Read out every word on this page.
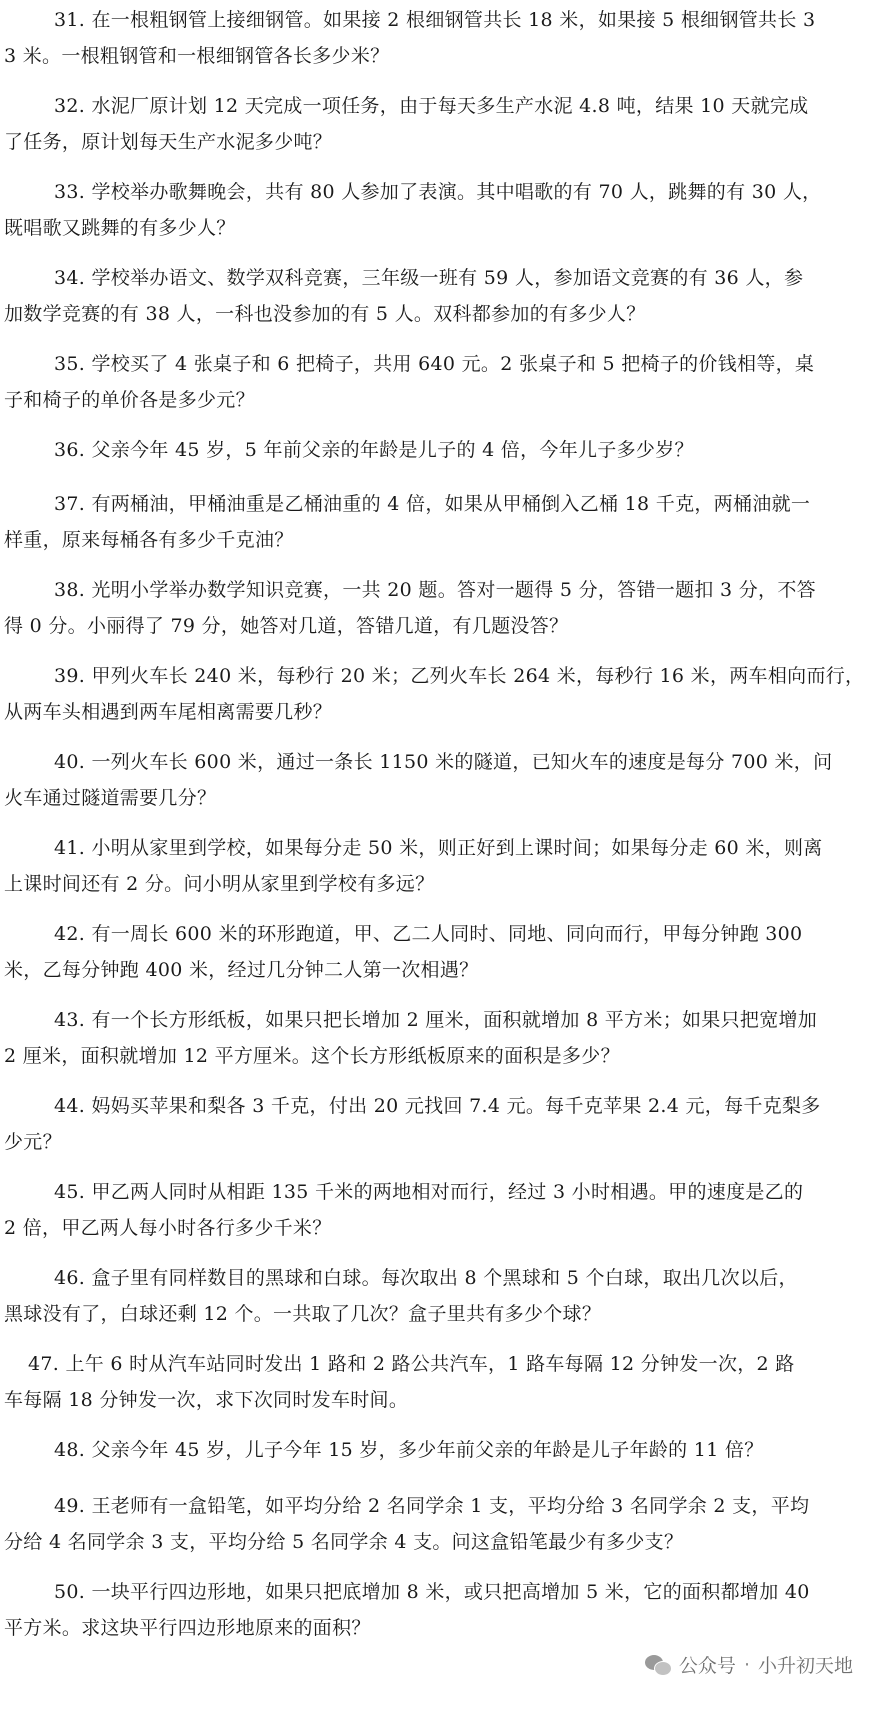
31. 在一根粗钢管上接细钢管。如果接 2 根细钢管共长 18 米，如果接 5 根细钢管共长 3
3 米。一根粗钢管和一根细钢管各长多少米？
32. 水泥厂原计划 12 天完成一项任务，由于每天多生产水泥 4.8 吨，结果 10 天就完成
了任务，原计划每天生产水泥多少吨？
33. 学校举办歌舞晚会，共有 80 人参加了表演。其中唱歌的有 70 人，跳舞的有 30 人，
既唱歌又跳舞的有多少人？
34. 学校举办语文、数学双科竞赛，三年级一班有 59 人，参加语文竞赛的有 36 人，参
加数学竞赛的有 38 人，一科也没参加的有 5 人。双科都参加的有多少人？
35. 学校买了 4 张桌子和 6 把椅子，共用 640 元。2 张桌子和 5 把椅子的价钱相等，桌
子和椅子的单价各是多少元？
36. 父亲今年 45 岁，5 年前父亲的年龄是儿子的 4 倍，今年儿子多少岁？
37. 有两桶油，甲桶油重是乙桶油重的 4 倍，如果从甲桶倒入乙桶 18 千克，两桶油就一
样重，原来每桶各有多少千克油？
38. 光明小学举办数学知识竞赛，一共 20 题。答对一题得 5 分，答错一题扣 3 分，不答
得 0 分。小丽得了 79 分，她答对几道，答错几道，有几题没答？
39. 甲列火车长 240 米，每秒行 20 米；乙列火车长 264 米，每秒行 16 米，两车相向而行，
从两车头相遇到两车尾相离需要几秒？
40. 一列火车长 600 米，通过一条长 1150 米的隧道，已知火车的速度是每分 700 米，问
火车通过隧道需要几分？
41. 小明从家里到学校，如果每分走 50 米，则正好到上课时间；如果每分走 60 米，则离
上课时间还有 2 分。问小明从家里到学校有多远？
42. 有一周长 600 米的环形跑道，甲、乙二人同时、同地、同向而行，甲每分钟跑 300
米，乙每分钟跑 400 米，经过几分钟二人第一次相遇？
43. 有一个长方形纸板，如果只把长增加 2 厘米，面积就增加 8 平方米；如果只把宽增加
2 厘米，面积就增加 12 平方厘米。这个长方形纸板原来的面积是多少？
44. 妈妈买苹果和梨各 3 千克，付出 20 元找回 7.4 元。每千克苹果 2.4 元，每千克梨多
少元？
45. 甲乙两人同时从相距 135 千米的两地相对而行，经过 3 小时相遇。甲的速度是乙的
2 倍，甲乙两人每小时各行多少千米？
46. 盒子里有同样数目的黑球和白球。每次取出 8 个黑球和 5 个白球，取出几次以后，
黑球没有了，白球还剩 12 个。一共取了几次？盒子里共有多少个球？
47. 上午 6 时从汽车站同时发出 1 路和 2 路公共汽车，1 路车每隔 12 分钟发一次，2 路
车每隔 18 分钟发一次，求下次同时发车时间。
48. 父亲今年 45 岁，儿子今年 15 岁，多少年前父亲的年龄是儿子年龄的 11 倍？
49. 王老师有一盒铅笔，如平均分给 2 名同学余 1 支，平均分给 3 名同学余 2 支，平均
分给 4 名同学余 3 支，平均分给 5 名同学余 4 支。问这盒铅笔最少有多少支？
50. 一块平行四边形地，如果只把底增加 8 米，或只把高增加 5 米，它的面积都增加 40
平方米。求这块平行四边形地原来的面积？
公众号 · 小升初天地
